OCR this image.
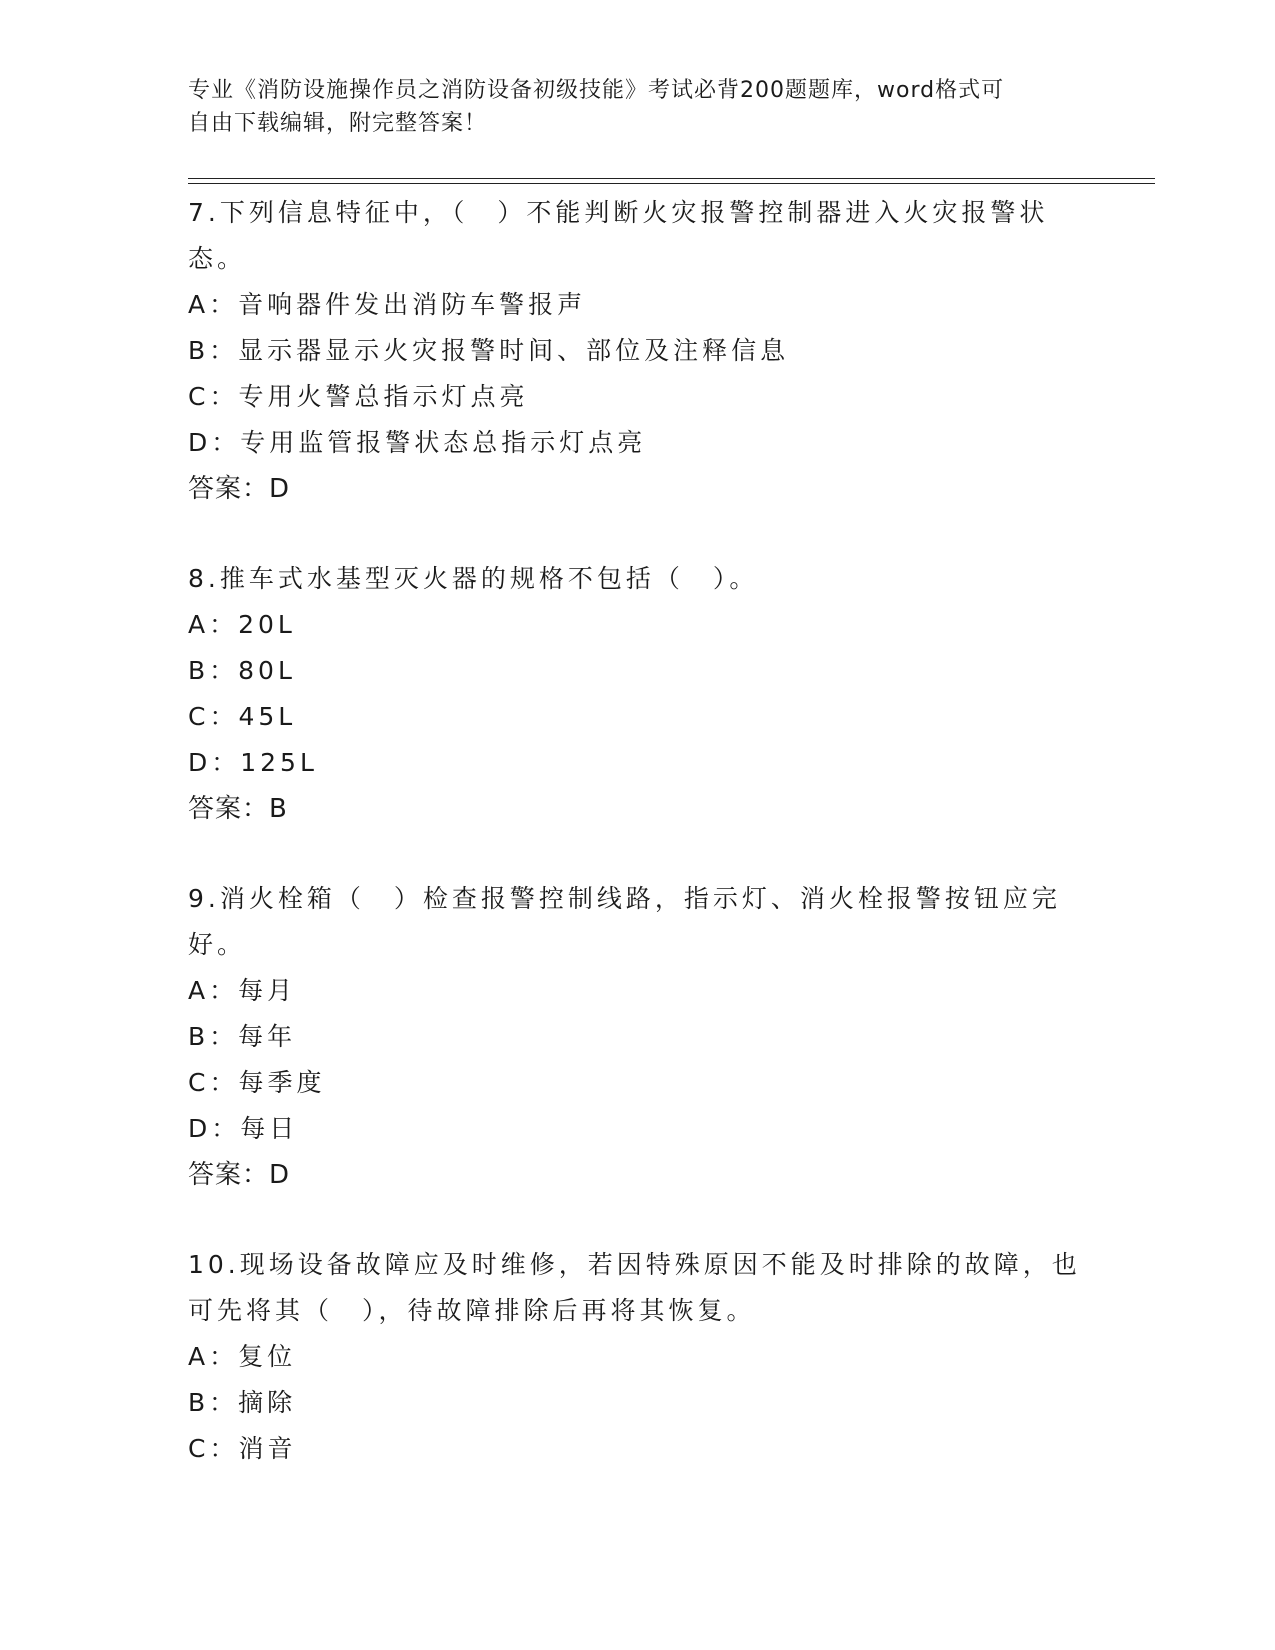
专业《消防设施操作员之消防设备初级技能》考试必背200题题库，word格式可
自由下载编辑，附完整答案！
7.下列信息特征中，（　）不能判断火灾报警控制器进入火灾报警状
态。
A：音响器件发出消防车警报声
B：显示器显示火灾报警时间、部位及注释信息
C：专用火警总指示灯点亮
D：专用监管报警状态总指示灯点亮
答案：D
8.推车式水基型灭火器的规格不包括（　）。
A：20L
B：80L
C：45L
D：125L
答案：B
9.消火栓箱（　）检查报警控制线路，指示灯、消火栓报警按钮应完
好。
A：每月
B：每年
C：每季度
D：每日
答案：D
10.现场设备故障应及时维修，若因特殊原因不能及时排除的故障，也
可先将其（　），待故障排除后再将其恢复。
A：复位
B：摘除
C：消音
